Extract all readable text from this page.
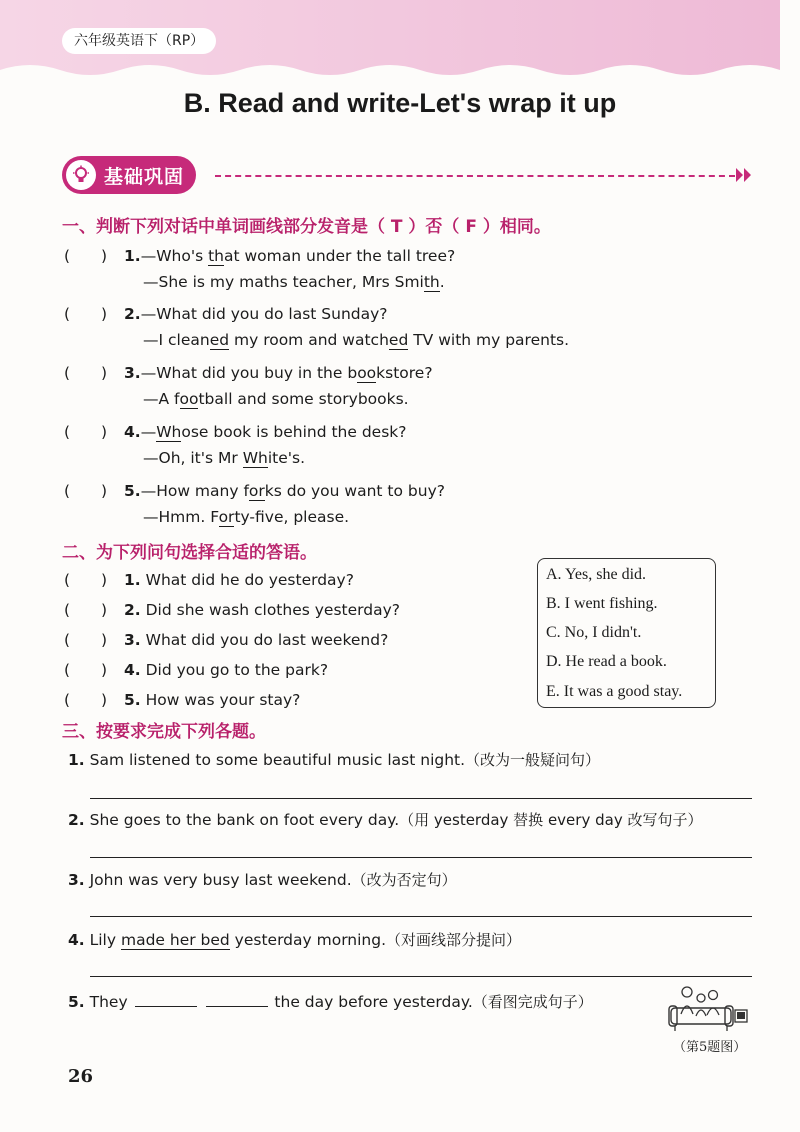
六年级英语下（RP）
B. Read and write-Let's wrap it up
基础巩固
一、判断下列对话中单词画线部分发音是（ T ）否（ F ）相同。
(　　) 1.—Who's that woman under the tall tree?
—She is my maths teacher, Mrs Smith.
(　　) 2.—What did you do last Sunday?
—I cleaned my room and watched TV with my parents.
(　　) 3.—What did you buy in the bookstore?
—A football and some storybooks.
(　　) 4.—Whose book is behind the desk?
—Oh, it's Mr White's.
(　　) 5.—How many forks do you want to buy?
—Hmm. Forty-five, please.
二、为下列问句选择合适的答语。
(　　) 1. What did he do yesterday?
(　　) 2. Did she wash clothes yesterday?
(　　) 3. What did you do last weekend?
(　　) 4. Did you go to the park?
(　　) 5. How was your stay?
A. Yes, she did.
B. I went fishing.
C. No, I didn't.
D. He read a book.
E. It was a good stay.
三、按要求完成下列各题。
1. Sam listened to some beautiful music last night.（改为一般疑问句）
2. She goes to the bank on foot every day.（用 yesterday 替换 every day 改写句子）
3. John was very busy last weekend.（改为否定句）
4. Lily made her bed yesterday morning.（对画线部分提问）
5. They	the day before yesterday.（看图完成句子）
（第5题图）
26
